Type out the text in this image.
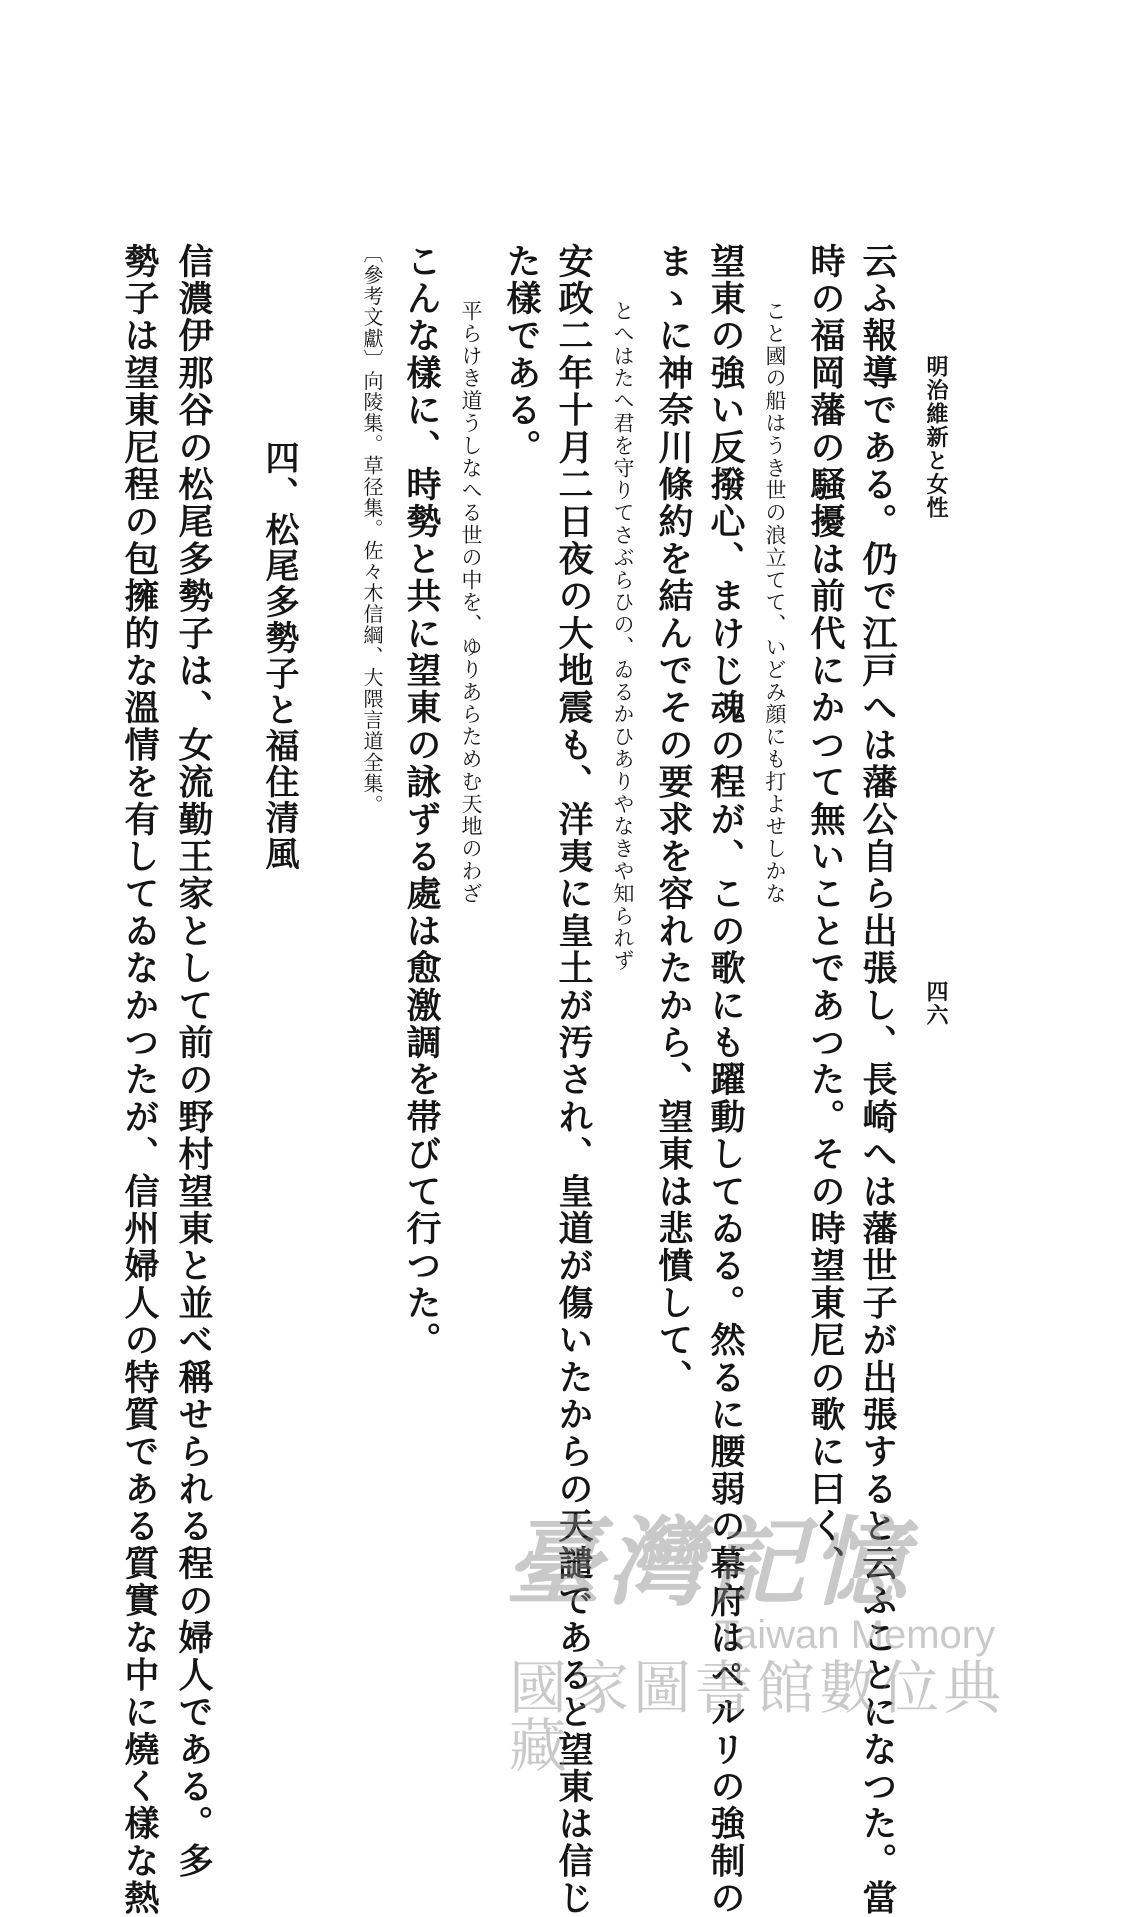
明治維新と女性
四六
云ふ報導である。仍で江戸へは藩公自ら出張し、長崎へは藩世子が出張すると云ふことになつた。當
時の福岡藩の騒擾は前代にかつて無いことであつた。その時望東尼の歌に曰く、
こと國の船はうき世の浪立てて、いどみ顔にも打よせしかな
望東の強い反撥心、まけじ魂の程が、この歌にも躍動してゐる。然るに腰弱の幕府はペルリの強制の
まゝに神奈川條約を結んでその要求を容れたから、望東は悲憤して、
とへはたへ君を守りてさぶらひの、ゐるかひありやなきや知られず
安政二年十月二日夜の大地震も、洋夷に皇土が汚され、皇道が傷いたからの天譴であると望東は信じ
た樣である。
平らけき道うしなへる世の中を、ゆりあらためむ天地のわざ
こんな樣に、時勢と共に望東の詠ずる處は愈激調を帯びて行つた。
〔參考文獻〕向陵集。草径集。佐々木信綱、大隈言道全集。
四、松尾多勢子と福住清風
信濃伊那谷の松尾多勢子は、女流勤王家として前の野村望東と並べ稱せられる程の婦人である。多
勢子は望東尼程の包擁的な溫情を有してゐなかつたが、信州婦人の特質である質實な中に燒く樣な熱	臺灣記憶
Taiwan Memory
國家圖書館數位典藏
